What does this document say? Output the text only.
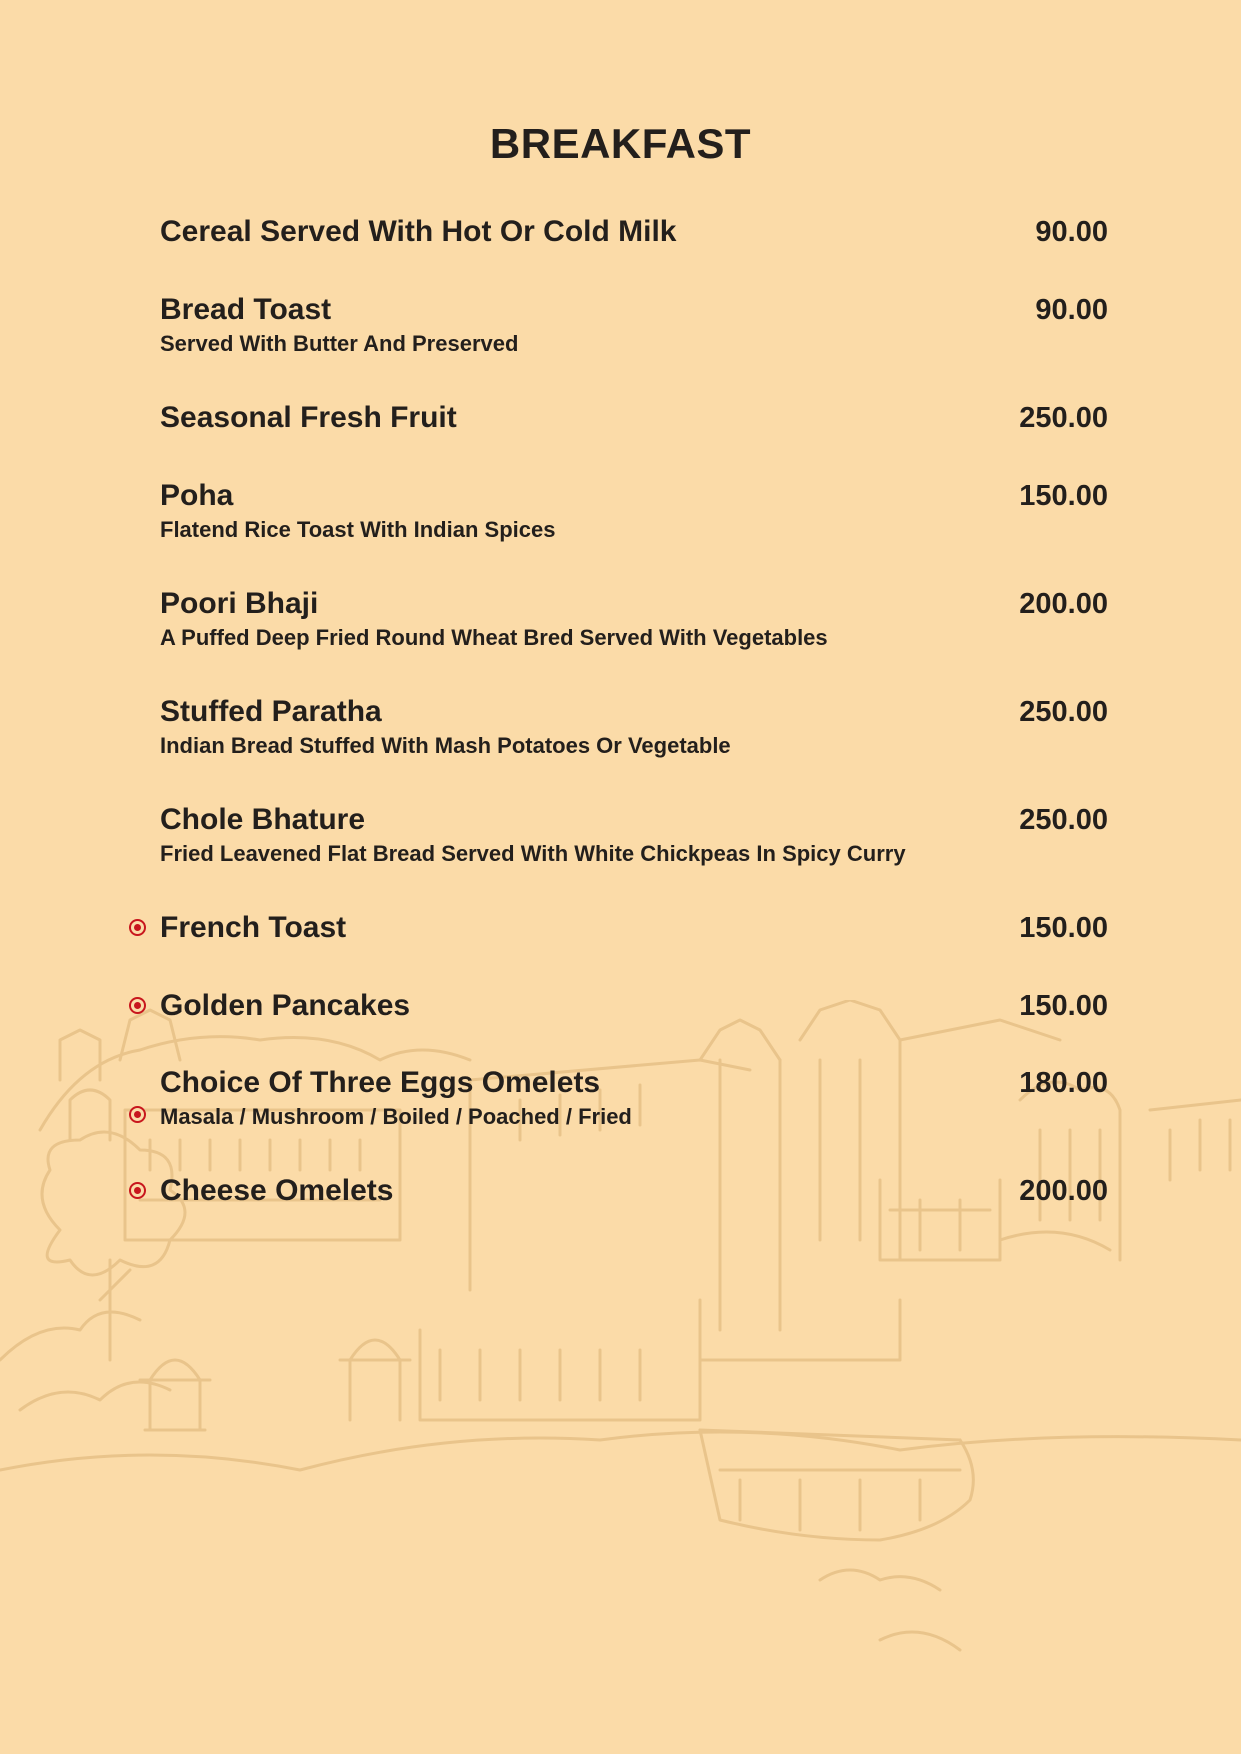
BREAKFAST
Cereal Served With Hot Or Cold Milk	90.00
Bread Toast	90.00
Served With Butter And Preserved
Seasonal Fresh Fruit	250.00
Poha	150.00
Flatend Rice Toast With Indian Spices
Poori Bhaji	200.00
A Puffed Deep Fried Round Wheat Bred Served With Vegetables
Stuffed Paratha	250.00
Indian Bread Stuffed With Mash Potatoes Or Vegetable
Chole Bhature	250.00
Fried Leavened Flat Bread Served With White Chickpeas In Spicy Curry
French Toast	150.00
Golden Pancakes	150.00
Choice Of Three Eggs Omelets	180.00
Masala / Mushroom / Boiled / Poached / Fried
Cheese Omelets	200.00
